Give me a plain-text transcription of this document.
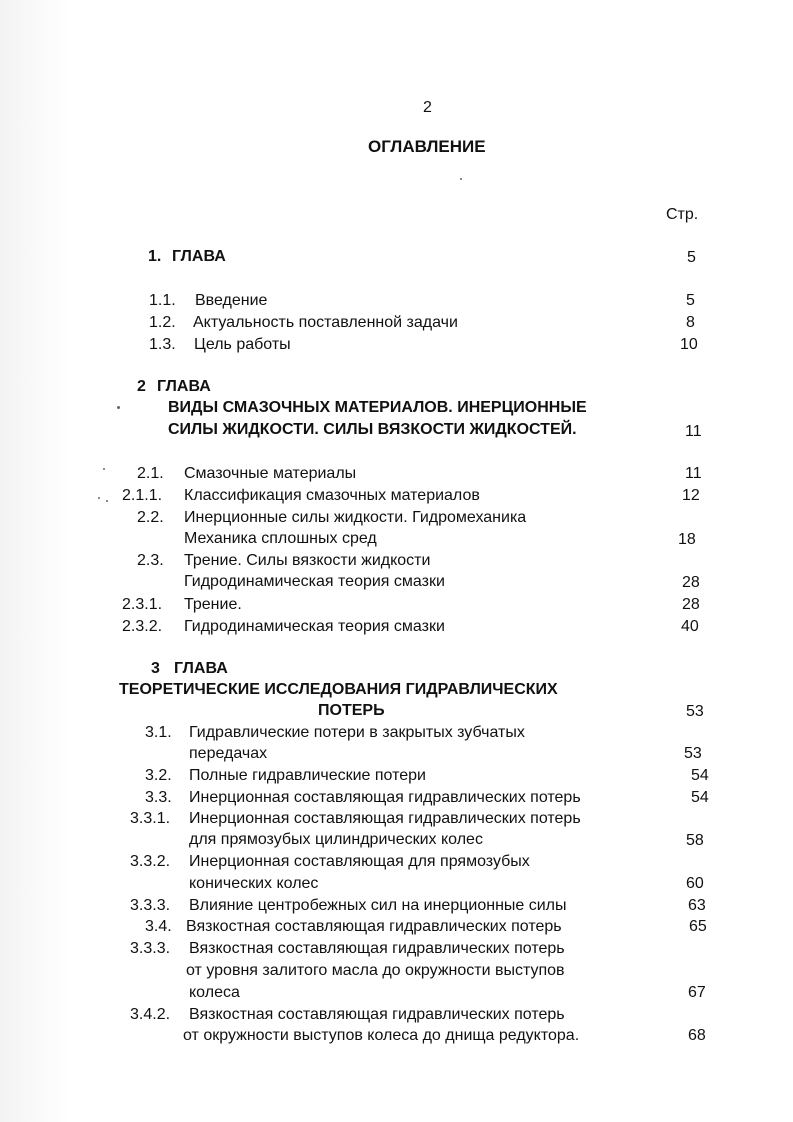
2
ОГЛАВЛЕНИЕ
Стр.
1. ГЛАВА	5
1.1. Введение	5
1.2. Актуальность поставленной задачи	8
1.3. Цель работы	10
2 ГЛАВА
ВИДЫ СМАЗОЧНЫХ МАТЕРИАЛОВ. ИНЕРЦИОННЫЕ
СИЛЫ ЖИДКОСТИ. СИЛЫ ВЯЗКОСТИ ЖИДКОСТЕЙ.	11
2.1. Смазочные материалы	11
2.1.1. Классификация смазочных материалов	12
2.2. Инерционные силы жидкости. Гидромеханика
Механика сплошных сред	18
2.3. Трение. Силы вязкости жидкости
Гидродинамическая теория смазки	28
2.3.1. Трение.	28
2.3.2. Гидродинамическая теория смазки	40
3 ГЛАВА
ТЕОРЕТИЧЕСКИЕ ИССЛЕДОВАНИЯ ГИДРАВЛИЧЕСКИХ
ПОТЕРЬ	53
3.1. Гидравлические потери в закрытых зубчатых
передачах	53
3.2. Полные гидравлические потери	54
3.3. Инерционная составляющая гидравлических потерь	54
3.3.1. Инерционная составляющая гидравлических потерь
для прямозубых цилиндрических колес	58
3.3.2. Инерционная составляющая для прямозубых
конических колес	60
3.3.3. Влияние центробежных сил на инерционные силы	63
3.4. Вязкостная составляющая гидравлических потерь	65
3.3.3. Вязкостная составляющая гидравлических потерь
от уровня залитого масла до окружности выступов
колеса	67
3.4.2. Вязкостная составляющая гидравлических потерь
от окружности выступов колеса до днища редуктора.	68
